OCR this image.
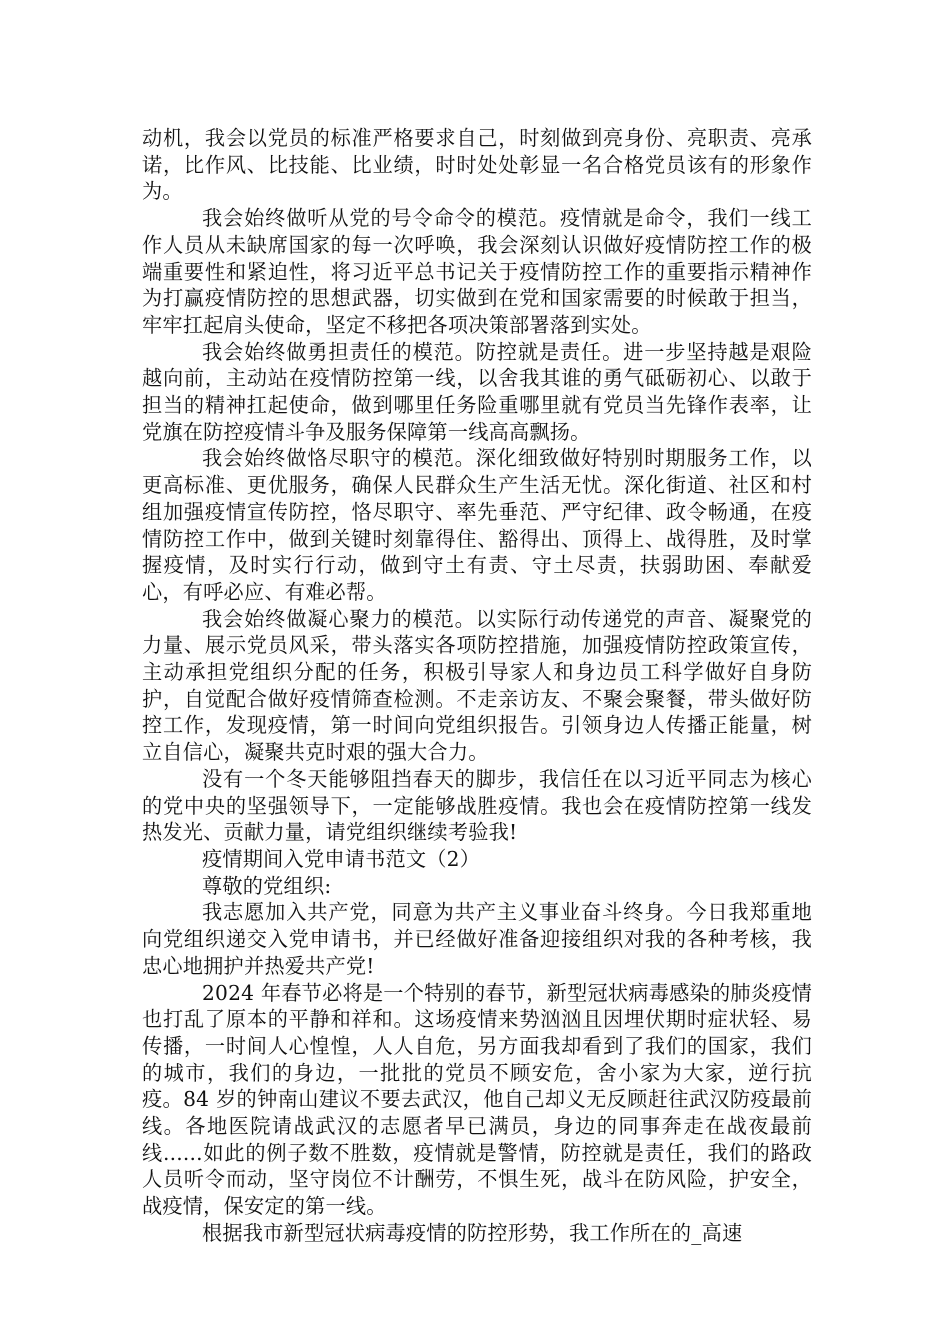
动机，我会以党员的标准严格要求自己，时刻做到亮身份、亮职责、亮承诺，比作风、比技能、比业绩，时时处处彰显一名合格党员该有的形象作为。

我会始终做听从党的号令命令的模范。疫情就是命令，我们一线工作人员从未缺席国家的每一次呼唤，我会深刻认识做好疫情防控工作的极端重要性和紧迫性，将习近平总书记关于疫情防控工作的重要指示精神作为打赢疫情防控的思想武器，切实做到在党和国家需要的时候敢于担当，牢牢扛起肩头使命，坚定不移把各项决策部署落到实处。

我会始终做勇担责任的模范。防控就是责任。进一步坚持越是艰险越向前，主动站在疫情防控第一线，以舍我其谁的勇气砥砺初心、以敢于担当的精神扛起使命，做到哪里任务险重哪里就有党员当先锋作表率，让党旗在防控疫情斗争及服务保障第一线高高飘扬。

我会始终做恪尽职守的模范。深化细致做好特别时期服务工作，以更高标准、更优服务，确保人民群众生产生活无忧。深化街道、社区和村组加强疫情宣传防控，恪尽职守、率先垂范、严守纪律、政令畅通，在疫情防控工作中，做到关键时刻靠得住、豁得出、顶得上、战得胜，及时掌握疫情，及时实行行动，做到守土有责、守土尽责，扶弱助困、奉献爱心，有呼必应、有难必帮。

我会始终做凝心聚力的模范。以实际行动传递党的声音、凝聚党的力量、展示党员风采，带头落实各项防控措施，加强疫情防控政策宣传，主动承担党组织分配的任务，积极引导家人和身边员工科学做好自身防护，自觉配合做好疫情筛查检测。不走亲访友、不聚会聚餐，带头做好防控工作，发现疫情，第一时间向党组织报告。引领身边人传播正能量，树立自信心，凝聚共克时艰的强大合力。

没有一个冬天能够阻挡春天的脚步，我信任在以习近平同志为核心的党中央的坚强领导下，一定能够战胜疫情。我也会在疫情防控第一线发热发光、贡献力量，请党组织继续考验我!

疫情期间入党申请书范文（2）

尊敬的党组织:

我志愿加入共产党，同意为共产主义事业奋斗终身。今日我郑重地向党组织递交入党申请书，并已经做好准备迎接组织对我的各种考核，我忠心地拥护并热爱共产党!

2024 年春节必将是一个特别的春节，新型冠状病毒感染的肺炎疫情也打乱了原本的平静和祥和。这场疫情来势汹汹且因埋伏期时症状轻、易传播，一时间人心惶惶，人人自危，另方面我却看到了我们的国家，我们的城市，我们的身边，一批批的党员不顾安危，舍小家为大家，逆行抗疫。84 岁的钟南山建议不要去武汉，他自己却义无反顾赶往武汉防疫最前线。各地医院请战武汉的志愿者早已满员，身边的同事奔走在战夜最前线......如此的例子数不胜数，疫情就是警情，防控就是责任，我们的路政人员听令而动，坚守岗位不计酬劳，不惧生死，战斗在防风险，护安全，战疫情，保安定的第一线。

根据我市新型冠状病毒疫情的防控形势，我工作所在的_高速
